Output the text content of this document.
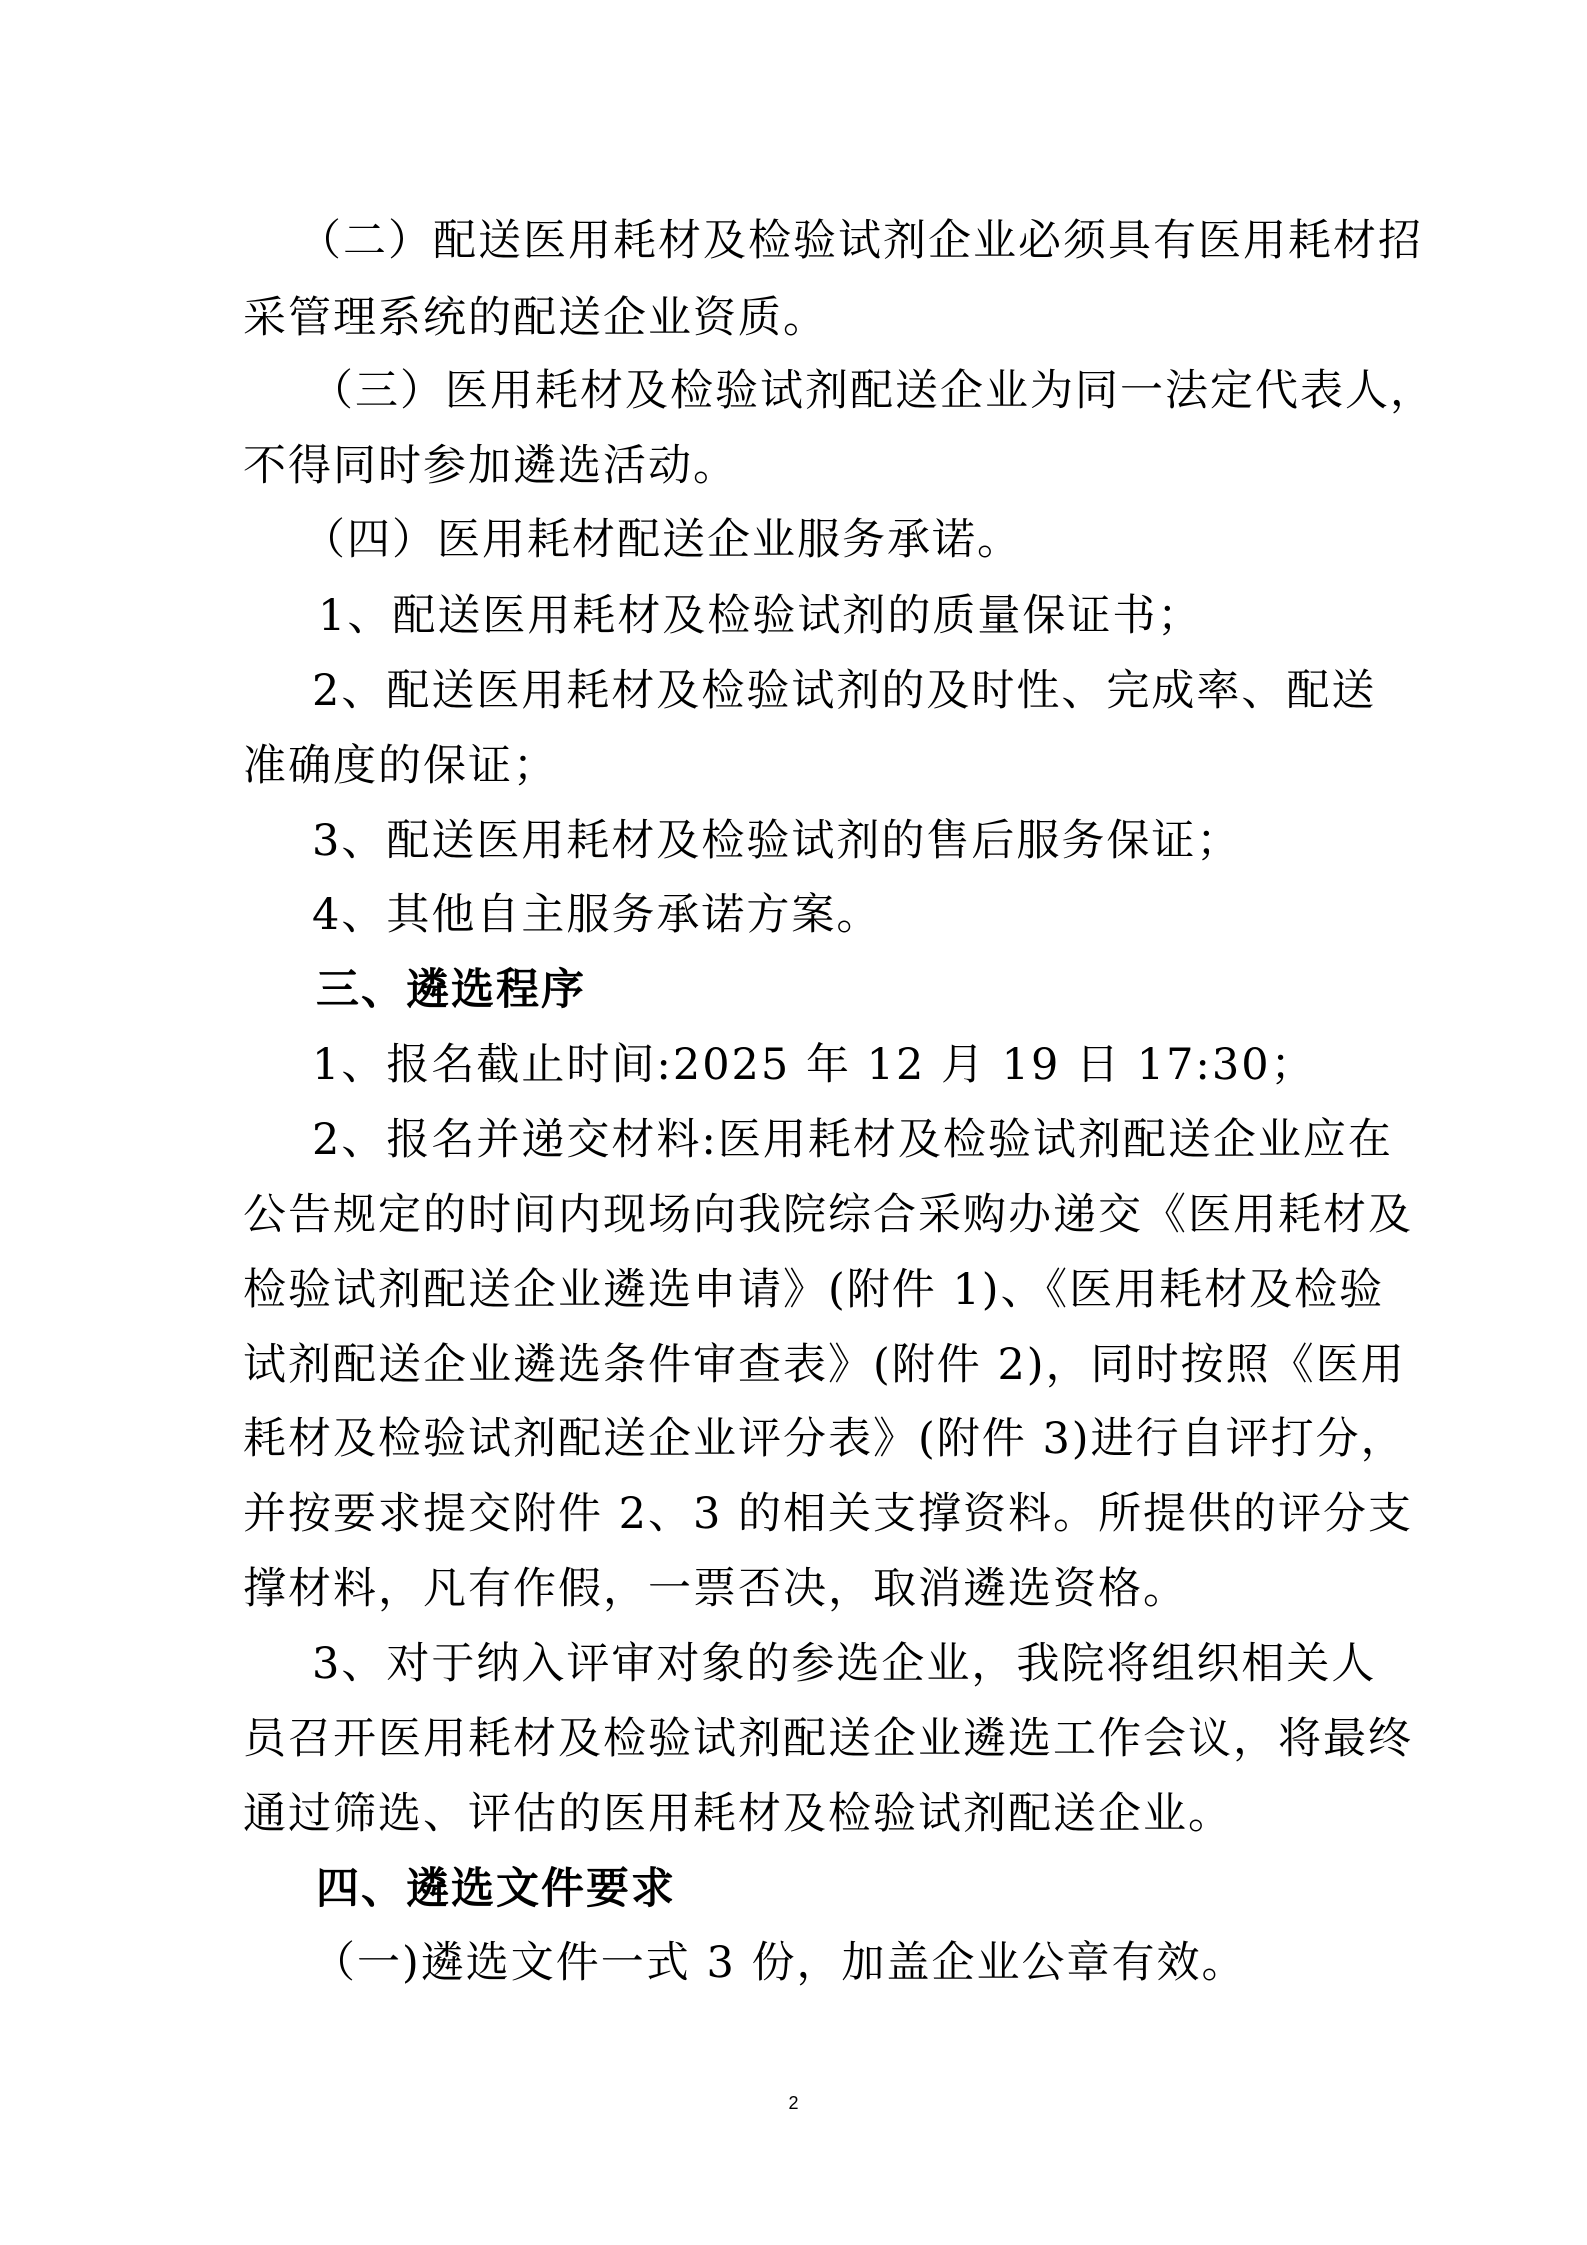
（二）配送医用耗材及检验试剂企业必须具有医用耗材招
采管理系统的配送企业资质。
（三）医用耗材及检验试剂配送企业为同一法定代表人，
不得同时参加遴选活动。
（四）医用耗材配送企业服务承诺。
1、配送医用耗材及检验试剂的质量保证书；
2、配送医用耗材及检验试剂的及时性、完成率、配送
准确度的保证；
3、配送医用耗材及检验试剂的售后服务保证；
4、其他自主服务承诺方案。
三、遴选程序
1、报名截止时间:2025 年 12 月 19 日 17:30；
2、报名并递交材料:医用耗材及检验试剂配送企业应在
公告规定的时间内现场向我院综合采购办递交《医用耗材及
检验试剂配送企业遴选申请》(附件 1)、《医用耗材及检验
试剂配送企业遴选条件审查表》(附件 2)，同时按照《医用
耗材及检验试剂配送企业评分表》(附件 3)进行自评打分，
并按要求提交附件 2、3 的相关支撑资料。所提供的评分支
撑材料，凡有作假，一票否决，取消遴选资格。
3、对于纳入评审对象的参选企业，我院将组织相关人
员召开医用耗材及检验试剂配送企业遴选工作会议，将最终
通过筛选、评估的医用耗材及检验试剂配送企业。
四、遴选文件要求
（一)遴选文件一式 3 份，加盖企业公章有效。
2
